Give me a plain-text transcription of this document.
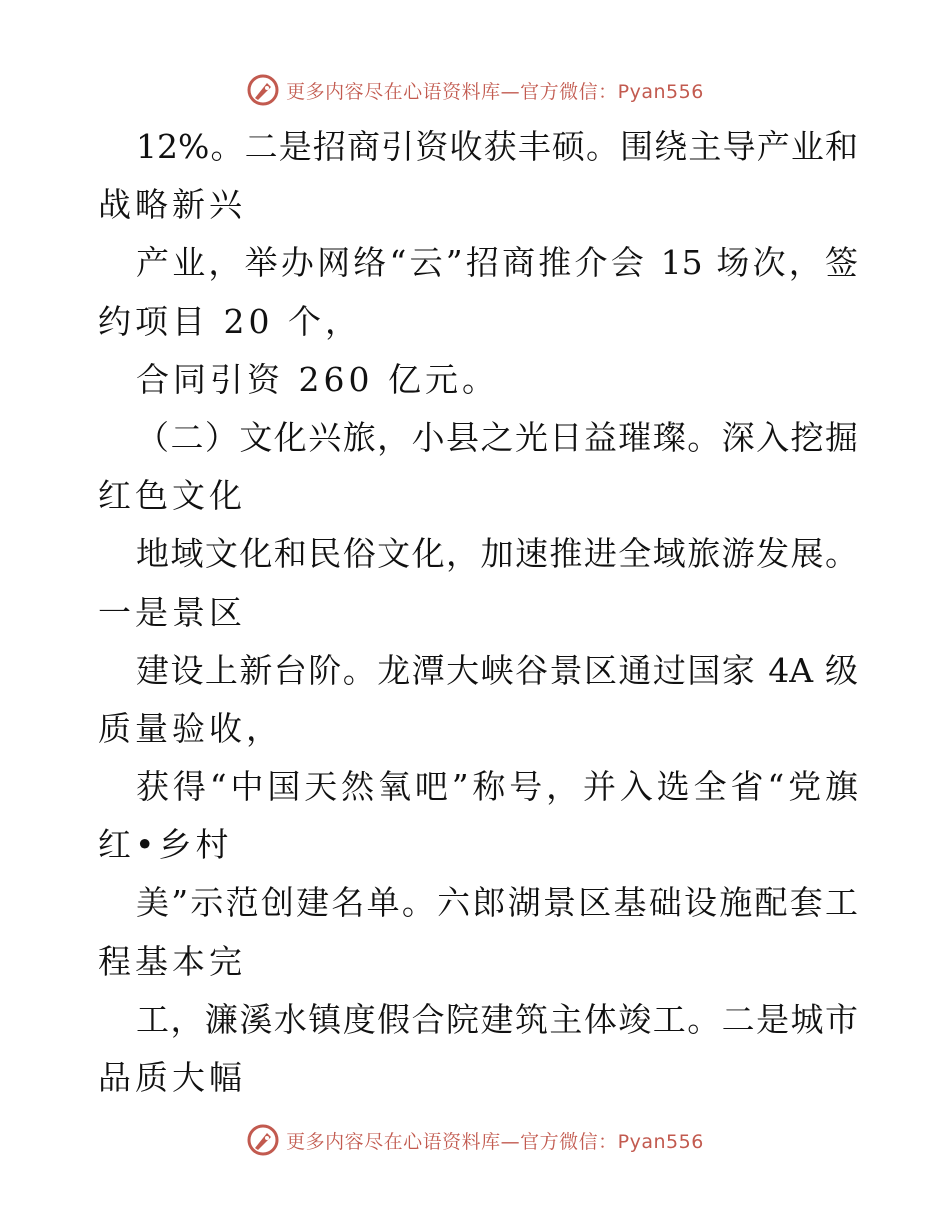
更多内容尽在心语资料库—官方微信：Pyan556
12%。二是招商引资收获丰硕。围绕主导产业和
战略新兴
产业，举办网络“云”招商推介会 15 场次，签
约项目 20 个，
合同引资 260 亿元。
（二）文化兴旅，小县之光日益璀璨。深入挖掘
红色文化
地域文化和民俗文化，加速推进全域旅游发展。
一是景区
建设上新台阶。龙潭大峡谷景区通过国家 4A 级
质量验收，
获得“中国天然氧吧”称号，并入选全省“党旗
红•乡村
美”示范创建名单。六郎湖景区基础设施配套工
程基本完
工，濂溪水镇度假合院建筑主体竣工。二是城市
品质大幅
更多内容尽在心语资料库—官方微信：Pyan556
